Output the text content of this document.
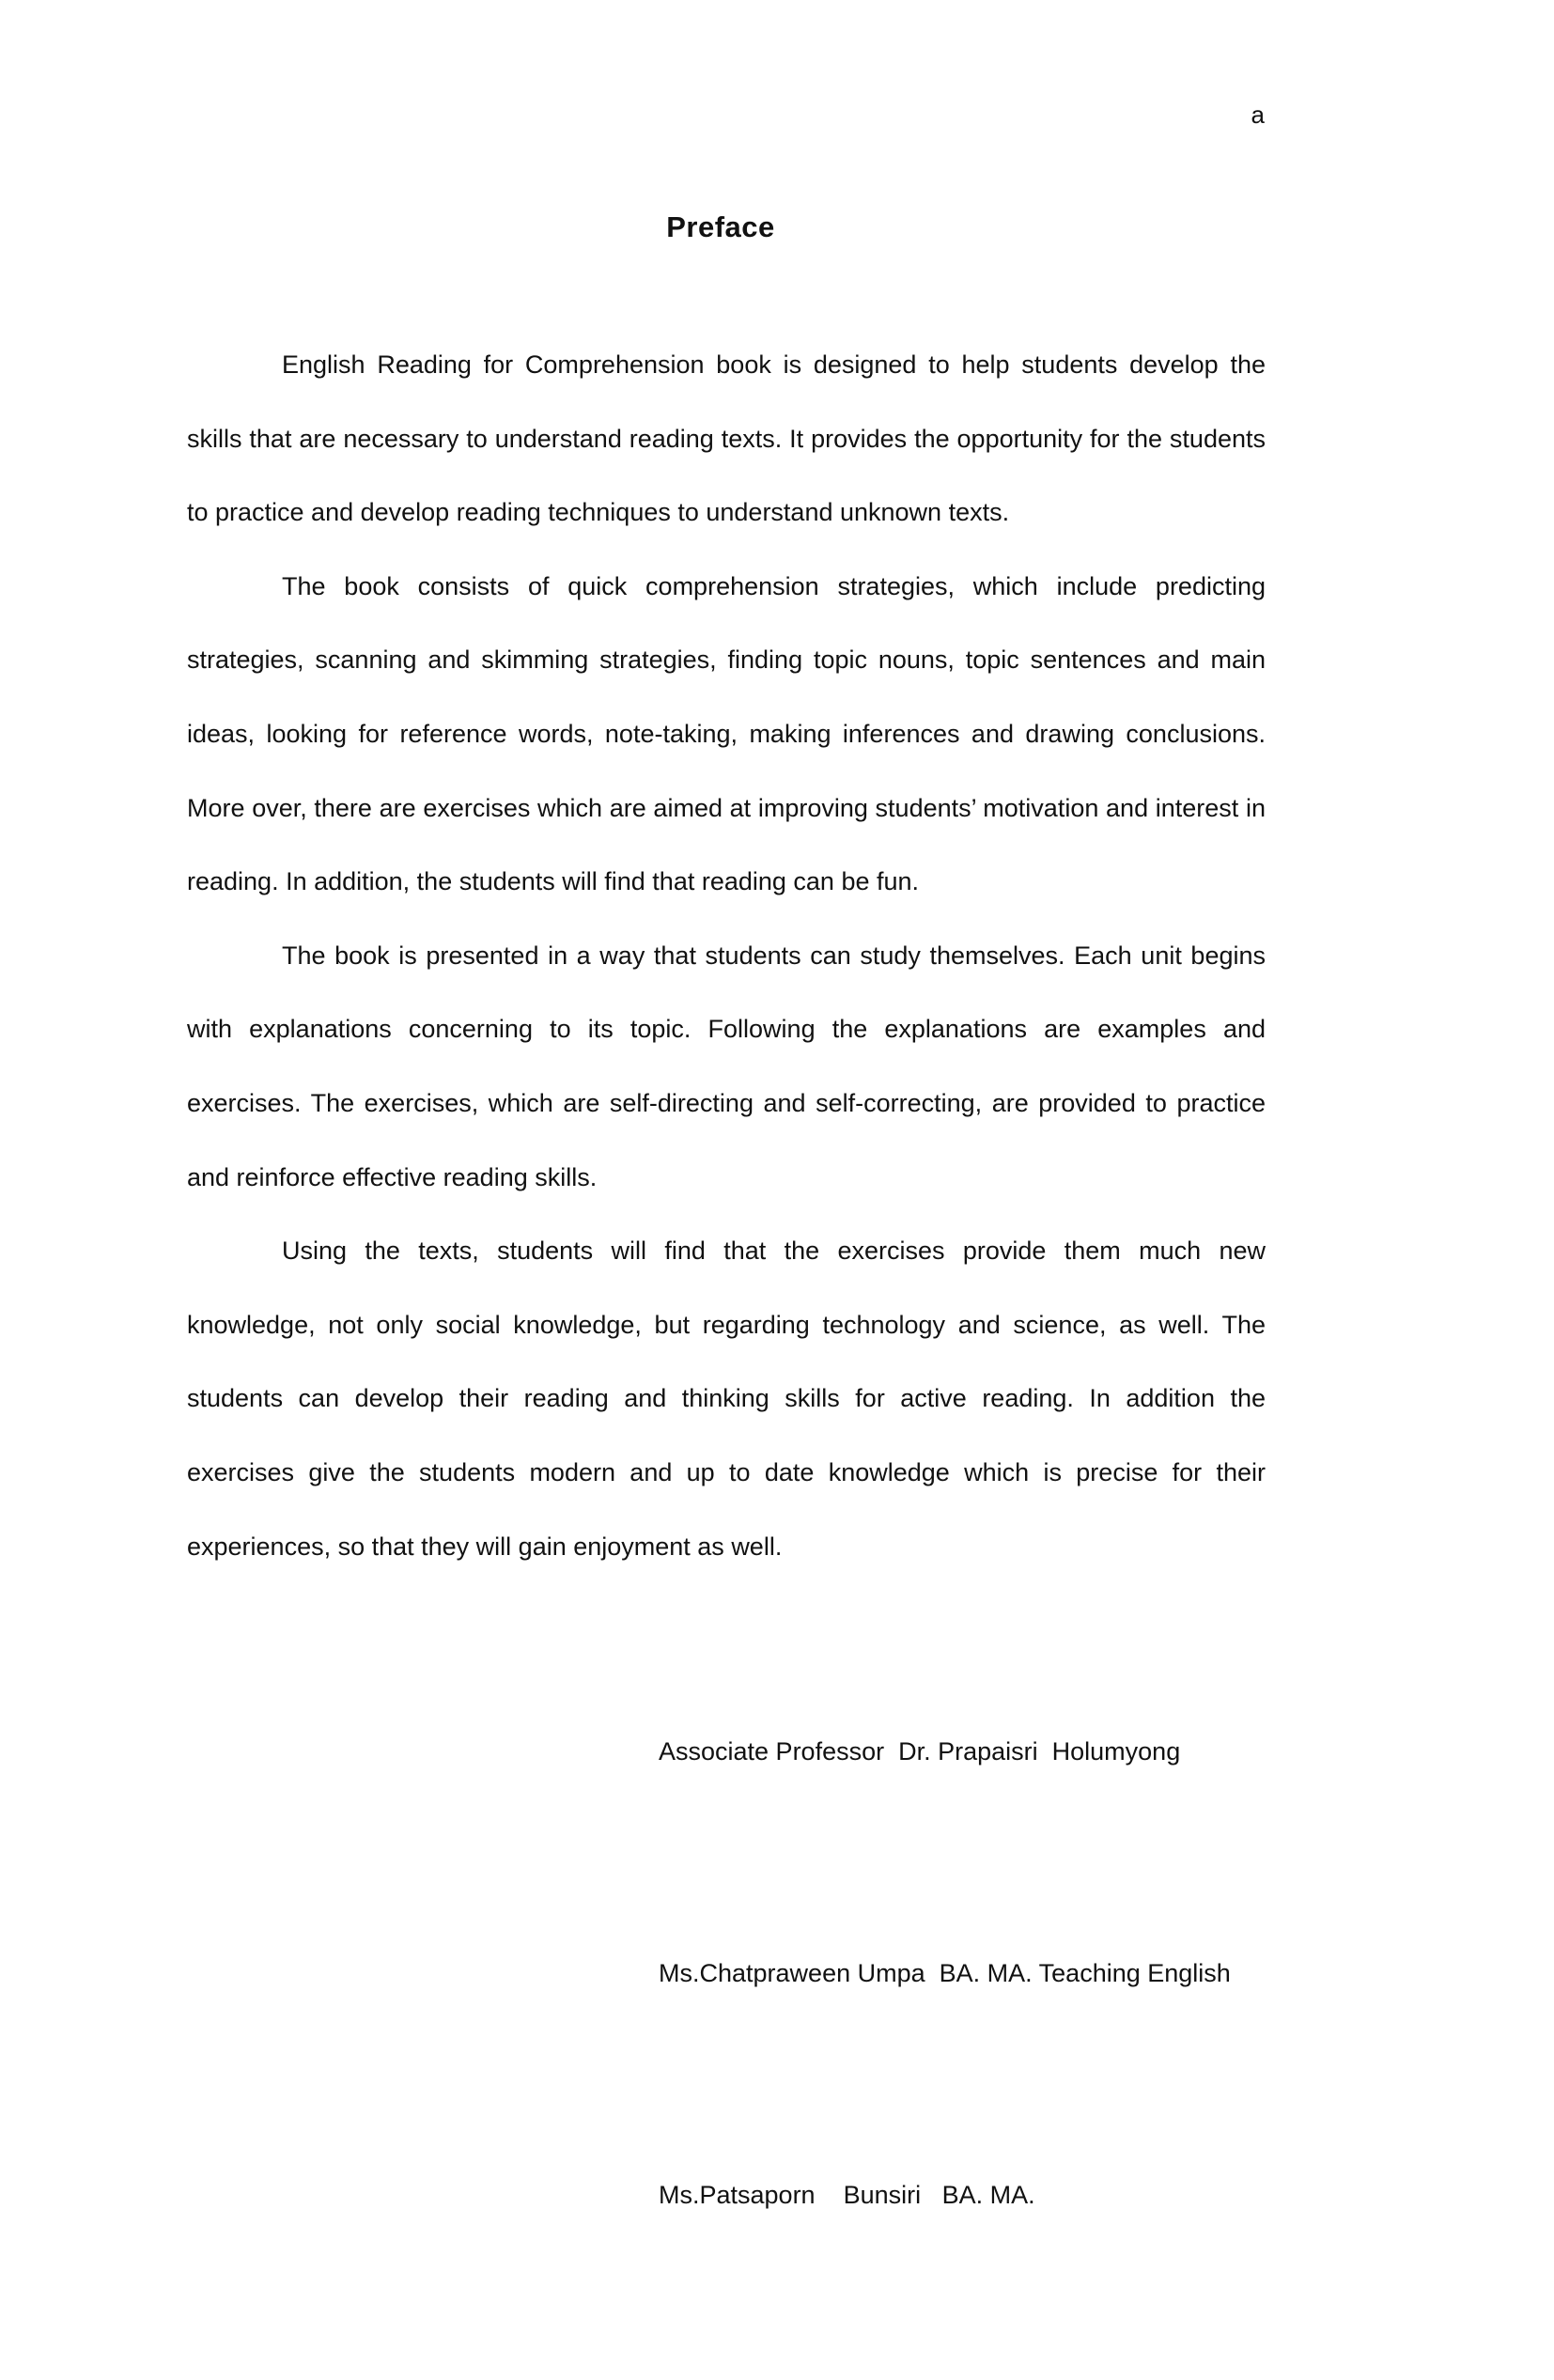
a
Preface

English Reading for Comprehension book is designed to help students develop the skills that are necessary to understand reading texts. It provides the opportunity for the students to practice and develop reading techniques to understand unknown texts.

The book consists of quick comprehension strategies, which include predicting strategies, scanning and skimming strategies, finding topic nouns, topic sentences and main ideas, looking for reference words, note-taking, making inferences and drawing conclusions. More over, there are exercises which are aimed at improving students’ motivation and interest in reading. In addition, the students will find that reading can be fun.

The book is presented in a way that students can study themselves. Each unit begins with explanations concerning to its topic. Following the explanations are examples and exercises. The exercises, which are self-directing and self-correcting, are provided to practice and reinforce effective reading skills.

Using the texts, students will find that the exercises provide them much new knowledge, not only social knowledge, but regarding technology and science, as well. The students can develop their reading and thinking skills for active reading. In addition the exercises give the students modern and up to date knowledge which is precise for their experiences, so that they will gain enjoyment as well.

Associate Professor  Dr. Prapaisri  Holumyong

Ms.Chatpraween Umpa  BA. MA. Teaching English

Ms.Patsaporn    Bunsiri   BA. MA.
